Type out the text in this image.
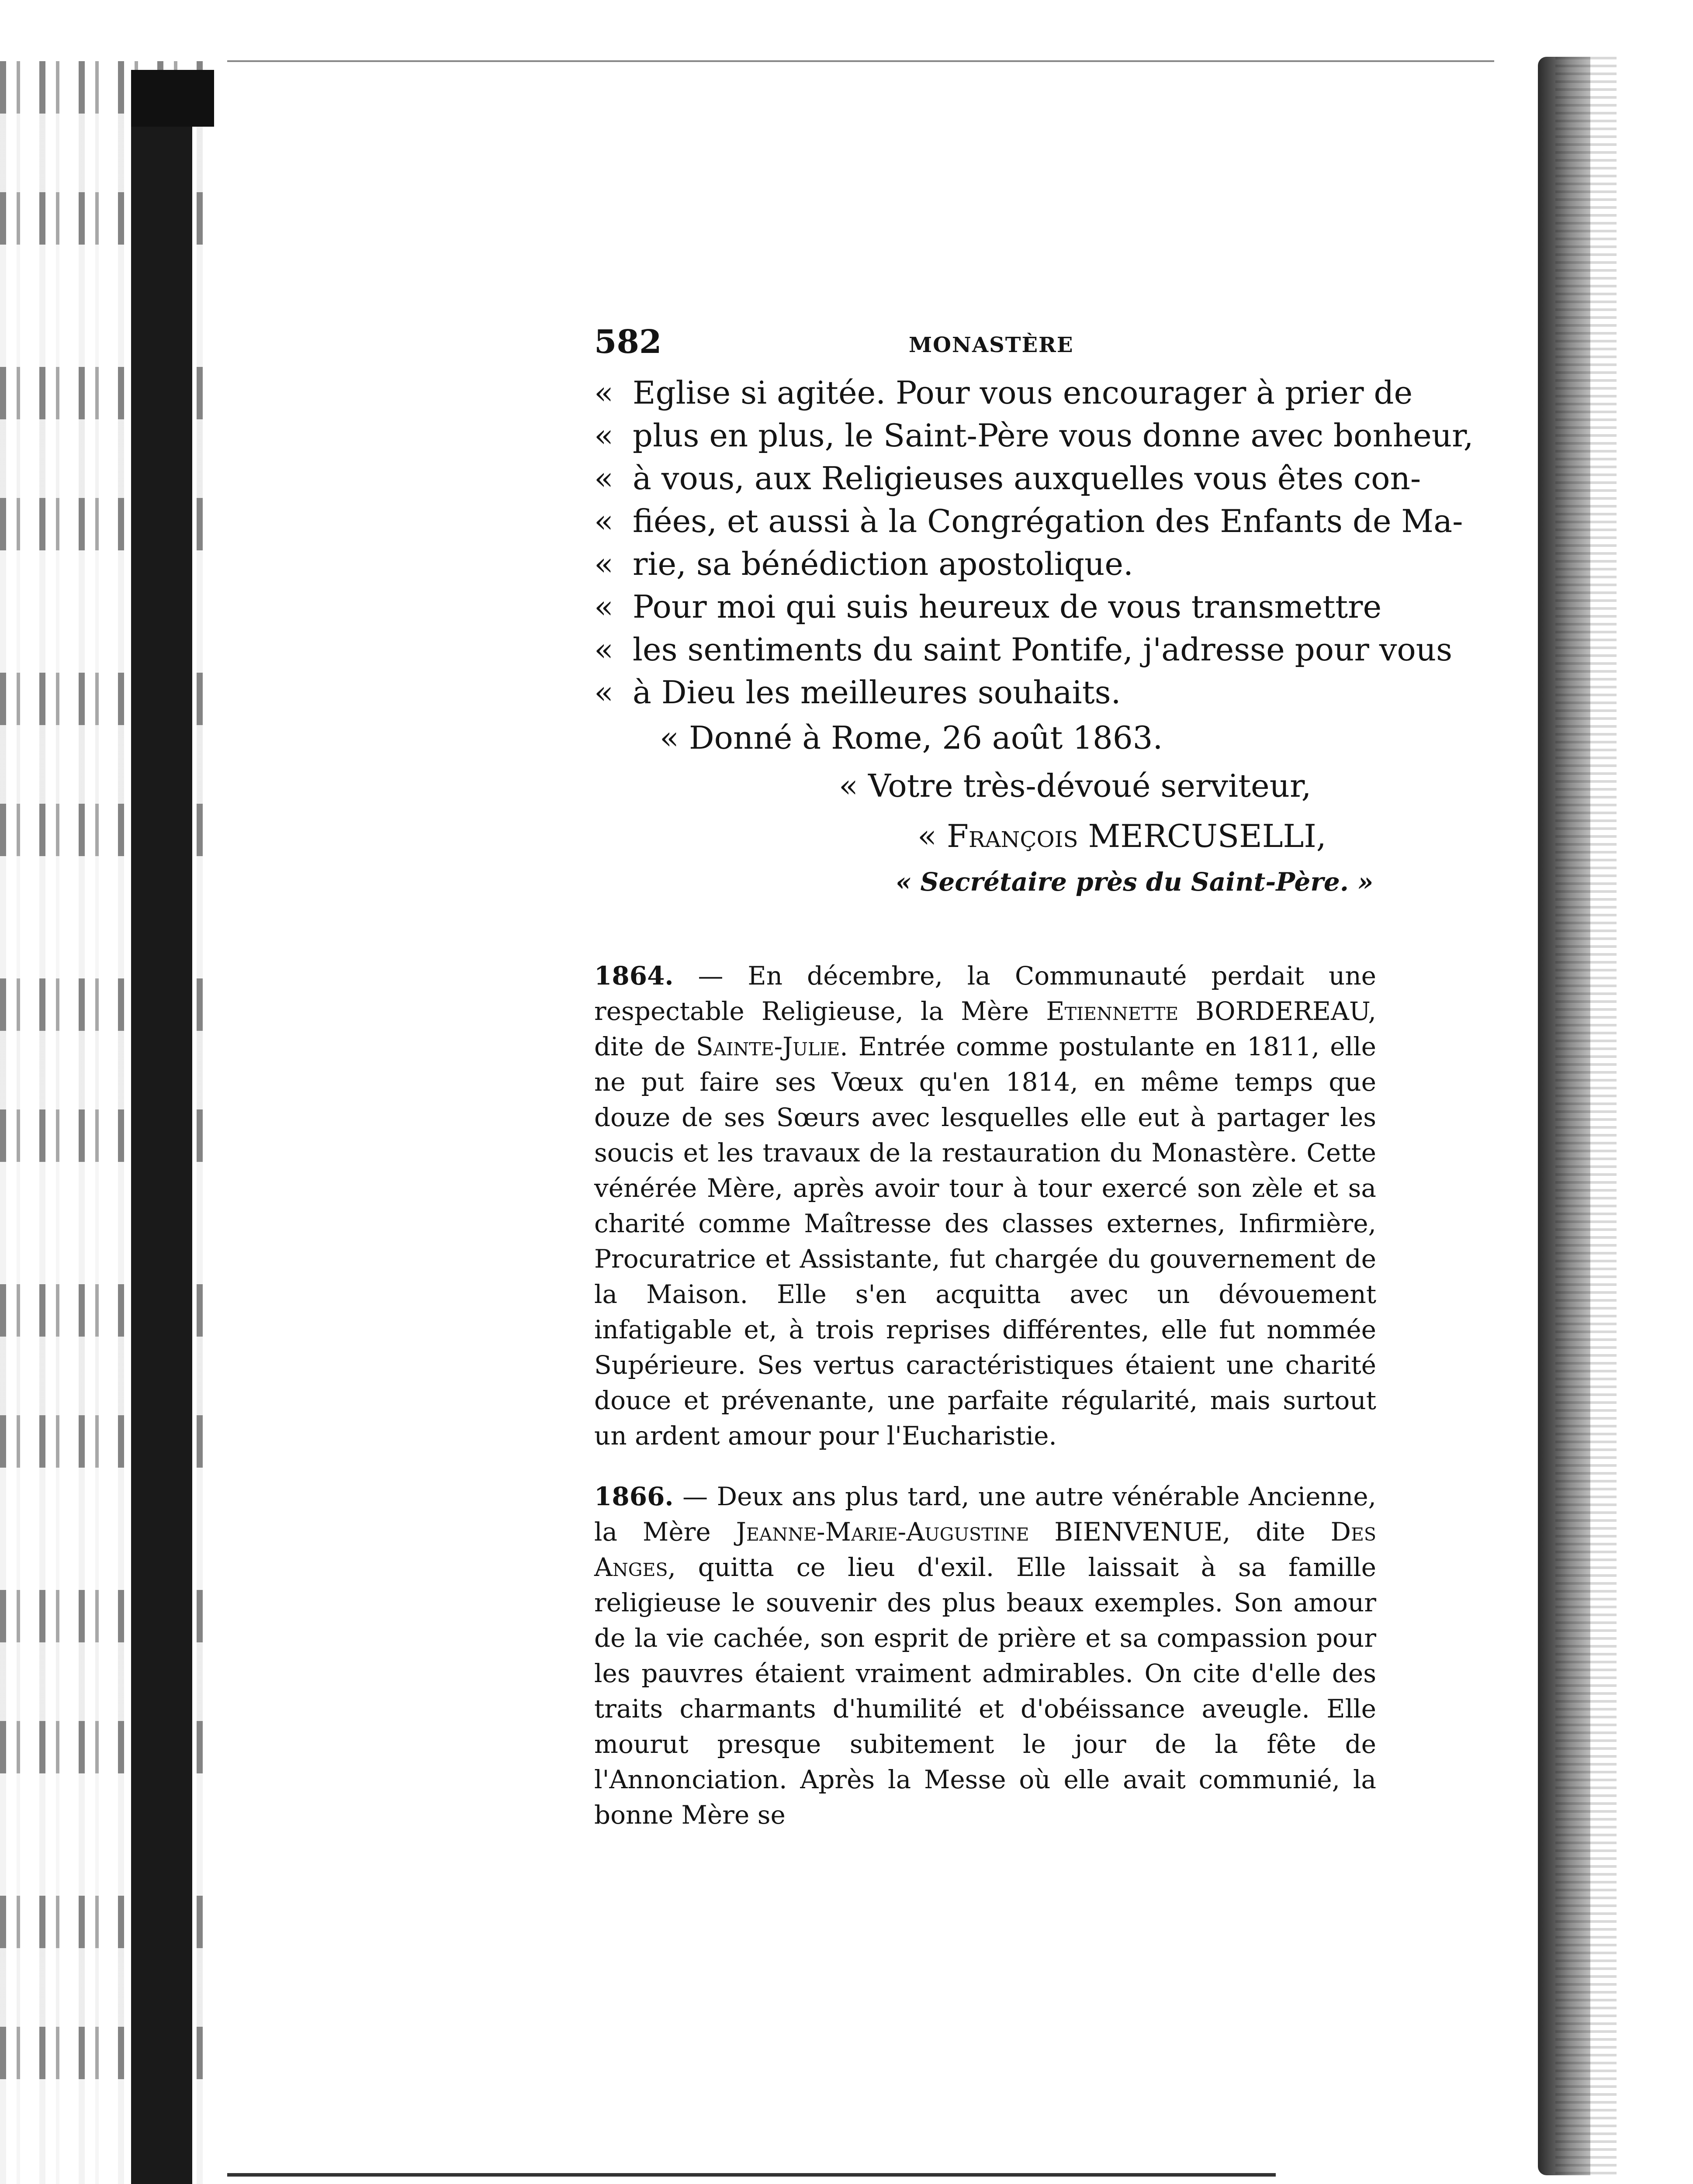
582	MONASTÈRE
« Eglise si agitée. Pour vous encourager à prier de
« plus en plus, le Saint-Père vous donne avec bonheur,
« à vous, aux Religieuses auxquelles vous êtes con-
« fiées, et aussi à la Congrégation des Enfants de Ma-
« rie, sa bénédiction apostolique.
« Pour moi qui suis heureux de vous transmettre
« les sentiments du saint Pontife, j'adresse pour vous
« à Dieu les meilleures souhaits.
« Donné à Rome, 26 août 1863.
« Votre très-dévoué serviteur,
« François MERCUSELLI,
« Secrétaire près du Saint-Père. »

1864. — En décembre, la Communauté perdait une respectable Religieuse, la Mère Etiennette BORDEREAU, dite de Sainte-Julie. Entrée comme postulante en 1811, elle ne put faire ses Vœux qu'en 1814, en même temps que douze de ses Sœurs avec lesquelles elle eut à partager les soucis et les travaux de la restauration du Monastère. Cette vénérée Mère, après avoir tour à tour exercé son zèle et sa charité comme Maîtresse des classes externes, Infirmière, Procuratrice et Assistante, fut chargée du gouvernement de la Maison. Elle s'en acquitta avec un dévouement infatigable et, à trois reprises différentes, elle fut nommée Supérieure. Ses vertus caractéristiques étaient une charité douce et prévenante, une parfaite régularité, mais surtout un ardent amour pour l'Eucharistie.

1866. — Deux ans plus tard, une autre vénérable Ancienne, la Mère Jeanne-Marie-Augustine BIENVENUE, dite Des Anges, quitta ce lieu d'exil. Elle laissait à sa famille religieuse le souvenir des plus beaux exemples. Son amour de la vie cachée, son esprit de prière et sa compassion pour les pauvres étaient vraiment admirables. On cite d'elle des traits charmants d'humilité et d'obéissance aveugle. Elle mourut presque subitement le jour de la fête de l'Annonciation. Après la Messe où elle avait communié, la bonne Mère se
